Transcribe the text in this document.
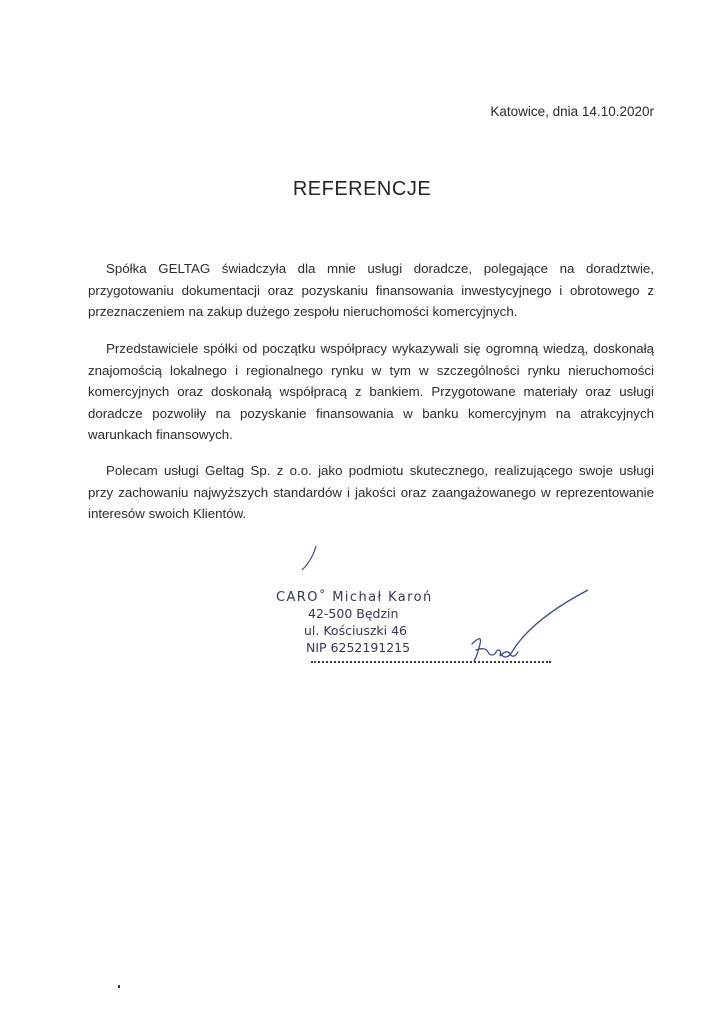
Katowice, dnia 14.10.2020r
REFERENCJE

Spółka GELTAG świadczyła dla mnie usługi doradcze, polegające na doradztwie, przygotowaniu dokumentacji oraz pozyskaniu finansowania inwestycyjnego i obrotowego z przeznaczeniem na zakup dużego zespołu nieruchomości komercyjnych.

Przedstawiciele spółki od początku współpracy wykazywali się ogromną wiedzą, doskonałą znajomością lokalnego i regionalnego rynku w tym w szczególności rynku nieruchomości komercyjnych oraz doskonałą współpracą z bankiem. Przygotowane materiały oraz usługi doradcze pozwoliły na pozyskanie finansowania w banku komercyjnym na atrakcyjnych warunkach finansowych.

Polecam usługi Geltag Sp. z o.o. jako podmiotu skutecznego, realizującego swoje usługi przy zachowaniu najwyższych standardów i jakości oraz zaangażowanego w reprezentowanie interesów swoich Klientów.

CARO˚ Michał Karoń
42-500 Będzin
ul. Kościuszki 46
NIP 6252191215
